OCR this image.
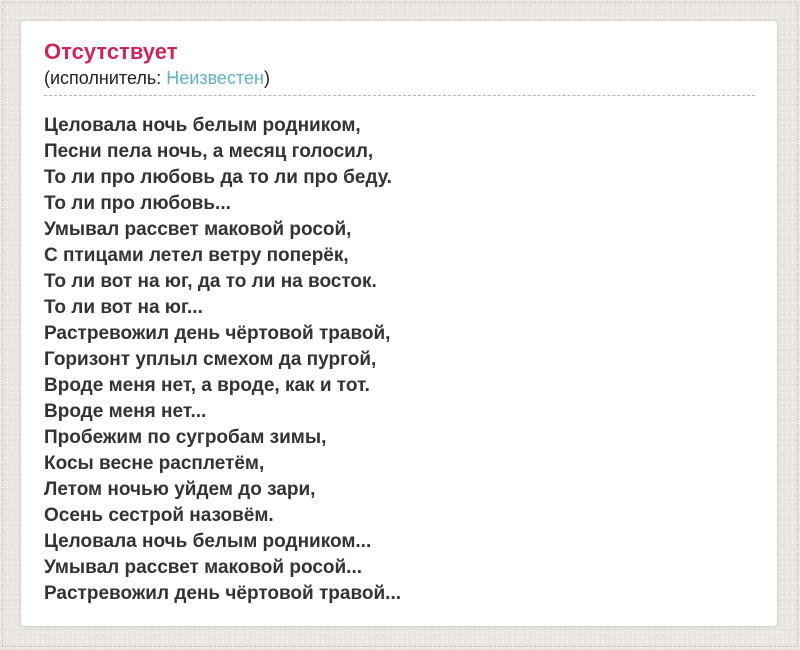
Отсутствует
(исполнитель: Неизвестен)
Целовала ночь белым родником,
Песни пела ночь, а месяц голосил,
То ли про любовь да то ли про беду.
То ли про любовь...
Умывал рассвет маковой росой,
С птицами летел ветру поперёк,
То ли вот на юг, да то ли на восток.
То ли вот на юг...
Растревожил день чёртовой травой,
Горизонт уплыл смехом да пургой,
Вроде меня нет, а вроде, как и тот.
Вроде меня нет...
Пробежим по сугробам зимы,
Косы весне расплетём,
Летом ночью уйдем до зари,
Осень сестрой назовём.
Целовала ночь белым родником...
Умывал рассвет маковой росой...
Растревожил день чёртовой травой...
